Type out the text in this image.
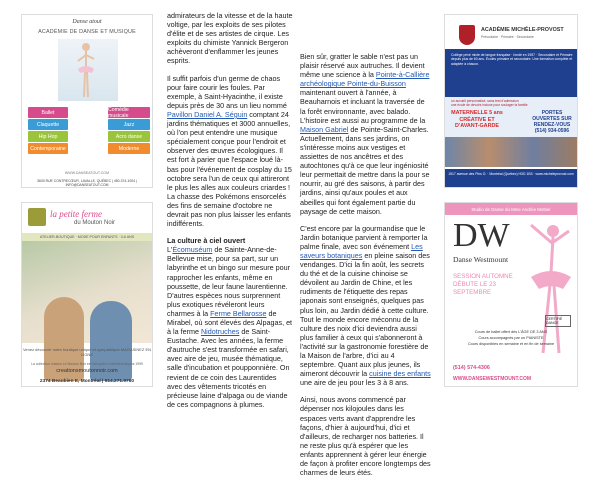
Danse atout
ACADÉMIE DE DANSE ET MUSIQUE
Ballet	Comédie musicale
Claquette	Jazz
Hip Hop	Acro danse
Contemporaine	Moderne
WWW.DANSEATOUT.COM
3600 RUE CONTRECŒUR, LAVALLE, QUÉBEC | 450-374-1004 | INFO@DANSEATOUT.COM
la petite ferme
du Mouton Noir
ATELIER-BOUTIQUE · MODE POUR ENFANTS · 0-6 ANS
Venez découvrir notre boutique unique et sympathique MAGASINEZ EN LIGNE
La collection maison Le Mouton Noir est fabriquée à Montréal depuis 1999
creationsmoutonnoir.com
2374 Beaubien E, Montréal | 514.271.9760

admirateurs de la vitesse et de la haute voltige, par les exploits de ses pilotes d'élite et de ses artistes de cirque. Les exploits du chimiste Yannick Bergeron achèveront d'enflammer les jeunes esprits.

Il suffit parfois d'un germe de chaos pour faire courir les foules. Par exemple, à Saint-Hyacinthe, il existe depuis près de 30 ans un lieu nommé Pavillon Daniel A. Séguin comptant 24 jardins thématiques et 3000 annuelles, où l'on peut entendre une musique spécialement conçue pour l'endroit et observer des œuvres écologiques. Il est fort à parier que l'espace loué là-bas pour l'événement de cosplay du 15 octobre sera l'un de ceux qui attireront le plus les alles aux couleurs criardes ! La chasse des Pokémons ensorcelés des fins de semaine d'octobre ne devrait pas non plus laisser les enfants indifférents.

La culture à ciel ouvert

L'Écomuséum de Sainte-Anne-de-Bellevue mise, pour sa part, sur un labyrinthe et un bingo sur mesure pour rapprocher les enfants, même en poussette, de leur faune laurentienne. D'autres espèces nous surprennent plus exotiques révéleront leurs charmes à la Ferme Bellarosse de Mirabel, où sont élevés des Alpagas, et à la ferme Nidotruches de Saint-Eustache. Avec les années, la ferme d'autruche s'est transformée en safari, avec aire de jeu, musée thématique, salle d'incubation et poupponnière. On revient de ce coin des Laurentides avec des vêtements tricotés en précieuse laine d'alpaga ou de viande de ces compagnons à plumes.

Bien sûr, gratter le sable n'est pas un plaisir réservé aux autruches. Il devient même une science à la Pointe-à-Callière archéologique Pointe-du-Buisson maintenant ouvert à l'année, à Beauharnois et incluant la traversée de la forêt environnante, avec balado. L'histoire est aussi au programme de la Maison Gabriel de Pointe-Saint-Charles. Actuellement, dans ses jardins, on s'intéresse moins aux vestiges et assiettes de nos ancêtres et des autochtones qu'à ce que leur ingéniosité leur permettait de mettre dans la pour se nourrir, au gré des saisons, à partir des jardins, ainsi qu'aux poules et aux abeilles qui font également partie du paysage de cette maison.

C'est encore par la gourmandise que le Jardin botanique parvient à remporter la palme finale, avec son événement Les saveurs botaniques en pleine saison des vendanges. D'ici la fin août, les secrets du thé et de la cuisine chinoise se dévoilent au Jardin de Chine, et les rudiments de l'étiquette des repas japonais sont enseignés, quelques pas plus loin, au Jardin dédié à cette culture. Tout le monde encore méconnu de la culture des noix d'ici deviendra aussi plus familier à ceux qui s'abonneront à l'activité sur la gastronomie forestière de la Maison de l'arbre, d'ici au 4 septembre. Quant aux plus jeunes, ils aimeront découvrir la cuisine des enfants une aire de jeu pour les 3 à 8 ans.

Ainsi, nous avons commencé par dépenser nos kilojoules dans les espaces verts avant d'apprendre les façons, d'hier à aujourd'hui, d'ici et d'ailleurs, de recharger nos batteries. Il ne reste plus qu'à espérer que les enfants apprennent à gérer leur énergie de façon à profiter encore longtemps des charmes de leurs étés.

ACADÉMIE MICHÈLE-PROVOST
Préscolaire · Primaire · Secondaire
Collège privé mixte de langue française · fondé en 1957 · Secondaire et Primaire depuis plus de 60 ans. Écoles primaire et secondaire. Une formation complète et adaptée à chacun.
un accueil personnalisé, sans test d'admission
une école de devoirs incluse pour soulager la famille
MATERNELLE 5 ans CRÉATIVE ET D'AVANT-GARDE
PORTES OUVERTES SUR RENDEZ-VOUS (514) 934-0596
1517 avenue des Pins O. · Montréal (Québec) H3G 1B3 · www.micheleprovost.com
Studio de Danse du Mme Andrée Mottier
DW
Danse Westmount
SESSION AUTOMNE DÉBUTE LE 23 SEPTEMBRE
CERTIFIÉ DANCE
Cours de ballet offert dès L'ÂGE DE 3 ANS
Cours accompagnés par un PIANISTE
Cours disponibles en semaine et en fin de semaine
(514) 574-4306
WWW.DANSEWESTMOUNT.COM
